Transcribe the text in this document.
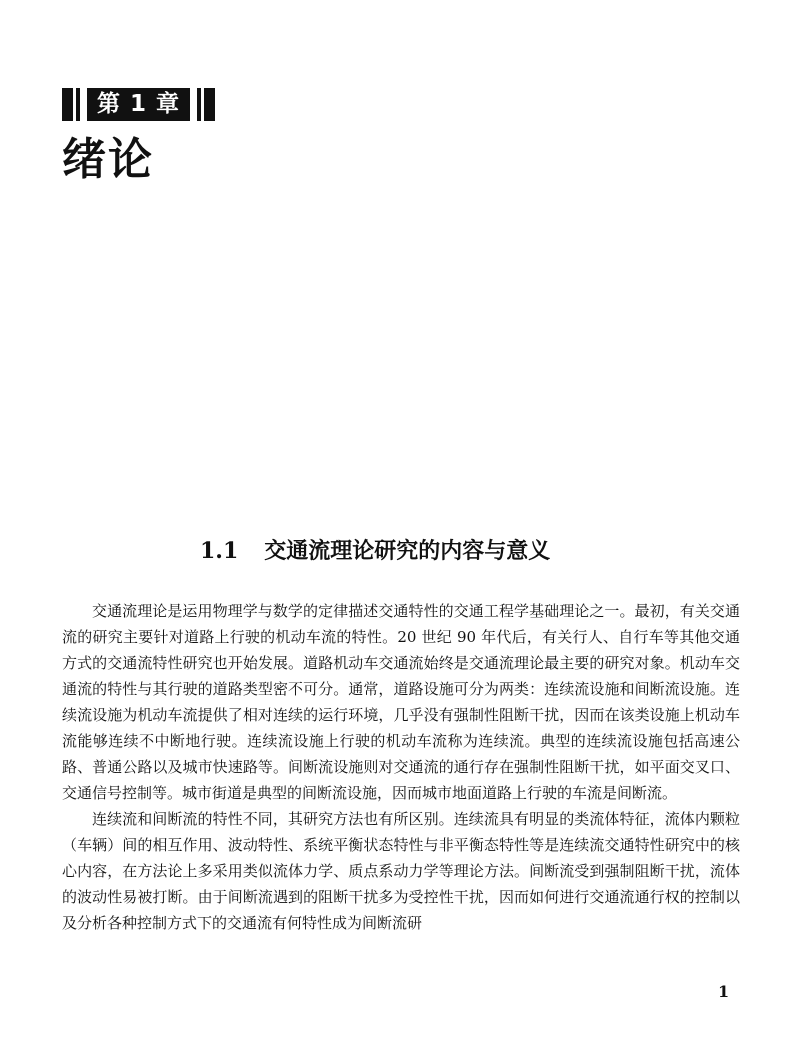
第 1 章
绪论
1.1 交通流理论研究的内容与意义

交通流理论是运用物理学与数学的定律描述交通特性的交通工程学基础理论之一。最初，有关交通流的研究主要针对道路上行驶的机动车流的特性。20 世纪 90 年代后，有关行人、自行车等其他交通方式的交通流特性研究也开始发展。道路机动车交通流始终是交通流理论最主要的研究对象。机动车交通流的特性与其行驶的道路类型密不可分。通常，道路设施可分为两类：连续流设施和间断流设施。连续流设施为机动车流提供了相对连续的运行环境，几乎没有强制性阻断干扰，因而在该类设施上机动车流能够连续不中断地行驶。连续流设施上行驶的机动车流称为连续流。典型的连续流设施包括高速公路、普通公路以及城市快速路等。间断流设施则对交通流的通行存在强制性阻断干扰，如平面交叉口、交通信号控制等。城市街道是典型的间断流设施，因而城市地面道路上行驶的车流是间断流。

连续流和间断流的特性不同，其研究方法也有所区别。连续流具有明显的类流体特征，流体内颗粒（车辆）间的相互作用、波动特性、系统平衡状态特性与非平衡态特性等是连续流交通特性研究中的核心内容，在方法论上多采用类似流体力学、质点系动力学等理论方法。间断流受到强制阻断干扰，流体的波动性易被打断。由于间断流遇到的阻断干扰多为受控性干扰，因而如何进行交通流通行权的控制以及分析各种控制方式下的交通流有何特性成为间断流研

1
